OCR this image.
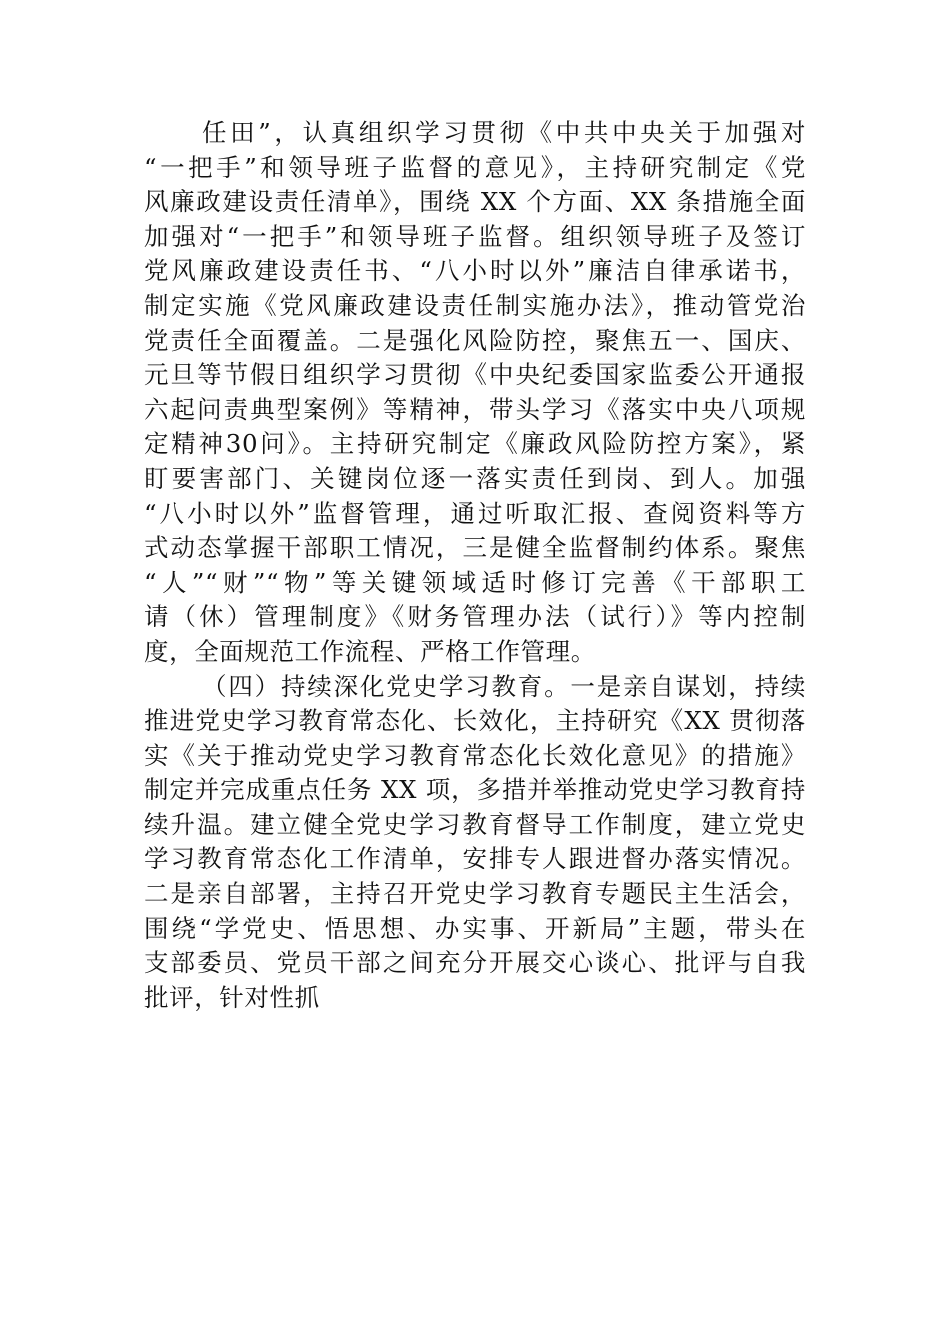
任田”，认真组织学习贯彻《中共中央关于加强对
“一把手”和领导班子监督的意见》，主持研究制定《党
风廉政建设责任清单》，围绕 XX 个方面、XX 条措施全面
加强对“一把手”和领导班子监督。组织领导班子及签订
党风廉政建设责任书、“八小时以外”廉洁自律承诺书，
制定实施《党风廉政建设责任制实施办法》，推动管党治
党责任全面覆盖。二是强化风险防控，聚焦五一、国庆、
元旦等节假日组织学习贯彻《中央纪委国家监委公开通报
六起问责典型案例》等精神，带头学习《落实中央八项规
定精神30问》。主持研究制定《廉政风险防控方案》，紧
盯要害部门、关键岗位逐一落实责任到岗、到人。加强
“八小时以外”监督管理，通过听取汇报、查阅资料等方
式动态掌握干部职工情况，三是健全监督制约体系。聚焦
“人”“财”“物”等关键领域适时修订完善《干部职工
请（休）管理制度》《财务管理办法（试行）》等内控制
度，全面规范工作流程、严格工作管理。
（四）持续深化党史学习教育。一是亲自谋划，持续
推进党史学习教育常态化、长效化，主持研究《XX 贯彻落
实《关于推动党史学习教育常态化长效化意见》的措施》
制定并完成重点任务 XX 项，多措并举推动党史学习教育持
续升温。建立健全党史学习教育督导工作制度，建立党史
学习教育常态化工作清单，安排专人跟进督办落实情况。
二是亲自部署，主持召开党史学习教育专题民主生活会，
围绕“学党史、悟思想、办实事、开新局”主题，带头在
支部委员、党员干部之间充分开展交心谈心、批评与自我
批评，针对性抓
